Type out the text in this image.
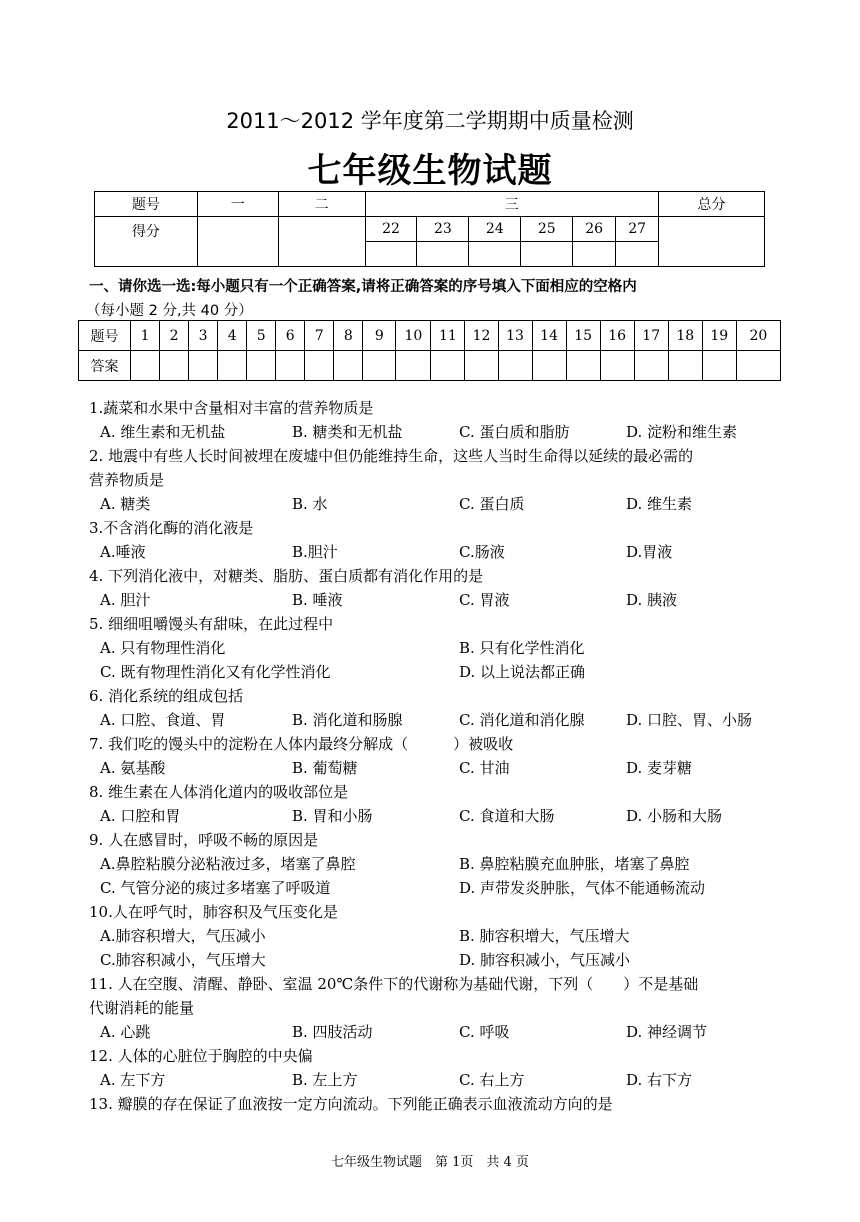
2011～2012 学年度第二学期期中质量检测
七年级生物试题
题号	一	二	三						总分
得分			22	23	24	25	26	27	

一、请你选一选:每小题只有一个正确答案,请将正确答案的序号填入下面相应的空格内
（每小题 2 分,共 40 分）
题号	1	2	3	4	5	6	7	8	9	10	11	12	13	14	15	16	17	18	19	20
答案																				
1.蔬菜和水果中含量相对丰富的营养物质是
A. 维生素和无机盐	B. 糖类和无机盐	C. 蛋白质和脂肪	D. 淀粉和维生素
2. 地震中有些人长时间被埋在废墟中但仍能维持生命，这些人当时生命得以延续的最必需的
营养物质是
A. 糖类	B. 水	C. 蛋白质	D. 维生素
3.不含消化酶的消化液是
A.唾液	B.胆汁	C.肠液	D.胃液
4. 下列消化液中，对糖类、脂肪、蛋白质都有消化作用的是
A. 胆汁	B. 唾液	C. 胃液	D. 胰液
5. 细细咀嚼馒头有甜味，在此过程中
A. 只有物理性消化	B. 只有化学性消化
C. 既有物理性消化又有化学性消化	D. 以上说法都正确
6. 消化系统的组成包括
A. 口腔、食道、胃	B. 消化道和肠腺	C. 消化道和消化腺	D. 口腔、胃、小肠
7. 我们吃的馒头中的淀粉在人体内最终分解成（　　　）被吸收
A. 氨基酸	B. 葡萄糖	C. 甘油	D. 麦芽糖
8. 维生素在人体消化道内的吸收部位是
A. 口腔和胃	B. 胃和小肠	C. 食道和大肠	D. 小肠和大肠
9. 人在感冒时，呼吸不畅的原因是
A.鼻腔粘膜分泌粘液过多，堵塞了鼻腔	B. 鼻腔粘膜充血肿胀，堵塞了鼻腔
C. 气管分泌的痰过多堵塞了呼吸道	D. 声带发炎肿胀，气体不能通畅流动
10.人在呼气时，肺容积及气压变化是
A.肺容积增大，气压减小	B. 肺容积增大，气压增大
C.肺容积减小，气压增大	D. 肺容积减小，气压减小
11. 人在空腹、清醒、静卧、室温 20℃条件下的代谢称为基础代谢，下列（　　）不是基础
代谢消耗的能量
A. 心跳	B. 四肢活动	C. 呼吸	D. 神经调节
12. 人体的心脏位于胸腔的中央偏
A. 左下方	B. 左上方	C. 右上方	D. 右下方
13. 瓣膜的存在保证了血液按一定方向流动。下列能正确表示血液流动方向的是
七年级生物试题　第 1页　共 4 页
